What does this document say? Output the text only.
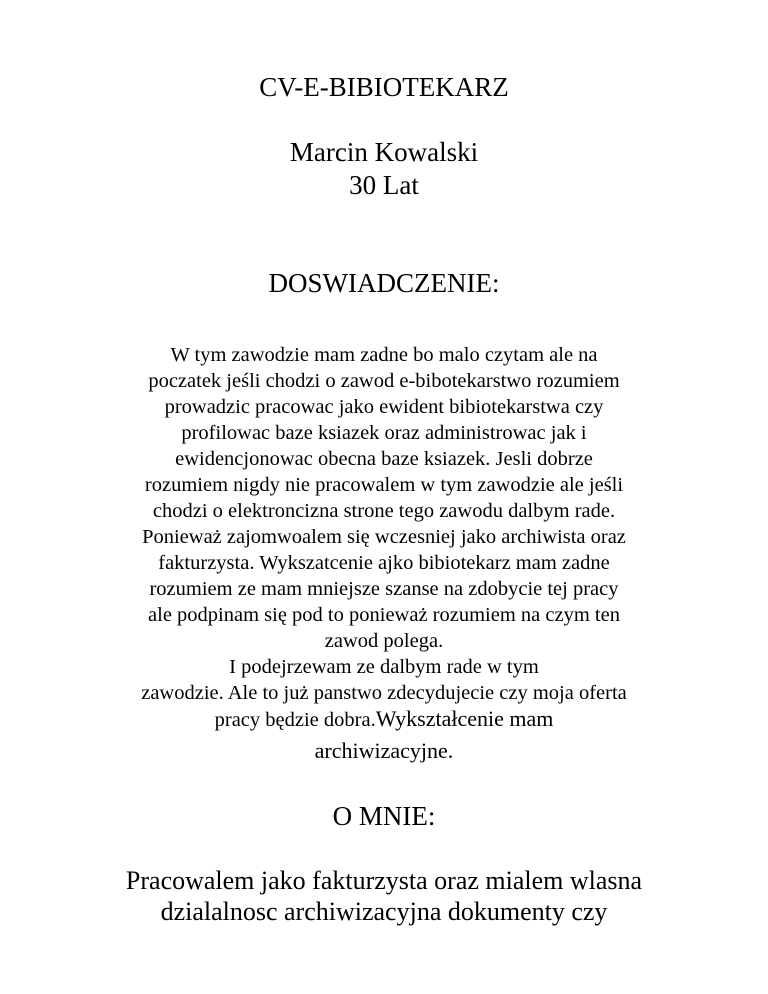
CV-E-BIBIOTEKARZ

Marcin Kowalski

30 Lat

DOSWIADCZENIE:

W tym zawodzie mam zadne bo malo czytam ale na

poczatek jeśli chodzi o zawod e-bibotekarstwo rozumiem

prowadzic pracowac jako ewident bibiotekarstwa czy

profilowac baze ksiazek oraz administrowac jak i

ewidencjonowac obecna baze ksiazek. Jesli dobrze

rozumiem nigdy nie pracowalem w tym zawodzie ale jeśli

chodzi o elektroncizna strone tego zawodu dalbym rade.

Ponieważ zajomwoalem się wczesniej jako archiwista oraz

fakturzysta. Wykszatcenie ajko bibiotekarz mam zadne

rozumiem ze mam mniejsze szanse na zdobycie tej pracy

ale podpinam się pod to ponieważ rozumiem na czym ten

zawod polega.

I podejrzewam ze dalbym rade w tym

zawodzie. Ale to już panstwo zdecydujecie czy moja oferta

pracy będzie dobra.Wykształcenie mam

archiwizacyjne.

O MNIE:

Pracowalem jako fakturzysta oraz mialem wlasna

dzialalnosc archiwizacyjna dokumenty czy
